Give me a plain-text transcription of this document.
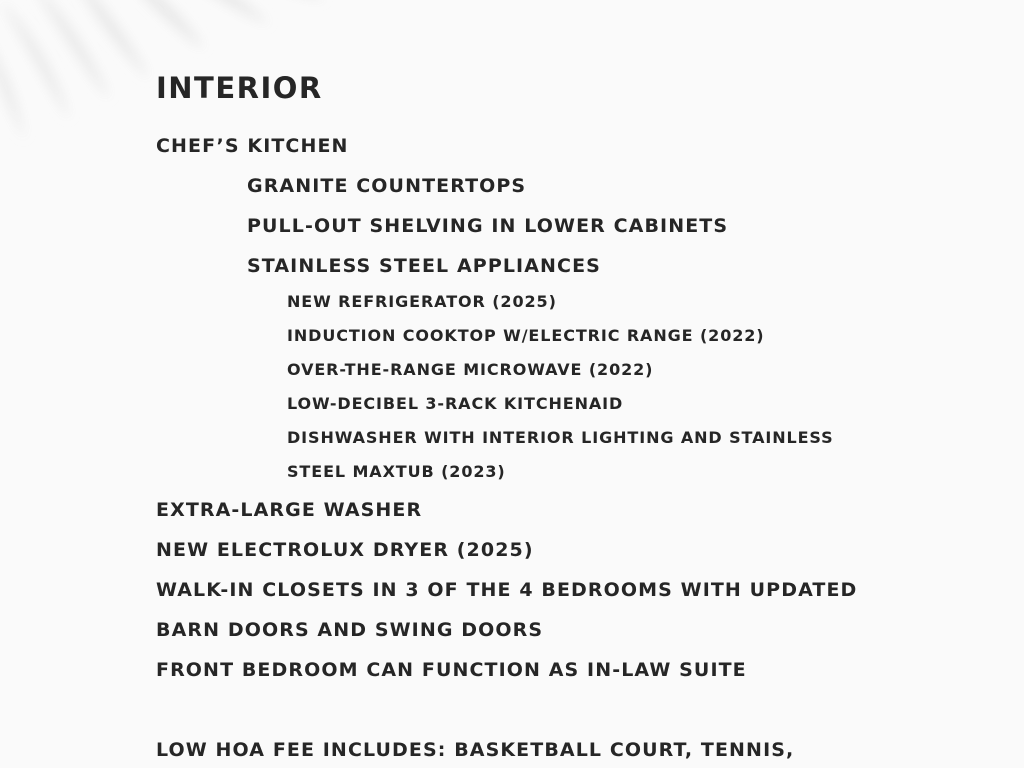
INTERIOR
CHEF’S KITCHEN
GRANITE COUNTERTOPS
PULL-OUT SHELVING IN LOWER CABINETS
STAINLESS STEEL APPLIANCES
NEW REFRIGERATOR (2025)
INDUCTION COOKTOP W/ELECTRIC RANGE (2022)
OVER-THE-RANGE MICROWAVE (2022)
LOW-DECIBEL 3-RACK KITCHENAID
DISHWASHER WITH INTERIOR LIGHTING AND STAINLESS
STEEL MAXTUB (2023)
EXTRA-LARGE WASHER
NEW ELECTROLUX DRYER (2025)
WALK-IN CLOSETS IN 3 OF THE 4 BEDROOMS WITH UPDATED
BARN DOORS AND SWING DOORS
FRONT BEDROOM CAN FUNCTION AS IN-LAW SUITE
LOW HOA FEE INCLUDES: BASKETBALL COURT, TENNIS,
